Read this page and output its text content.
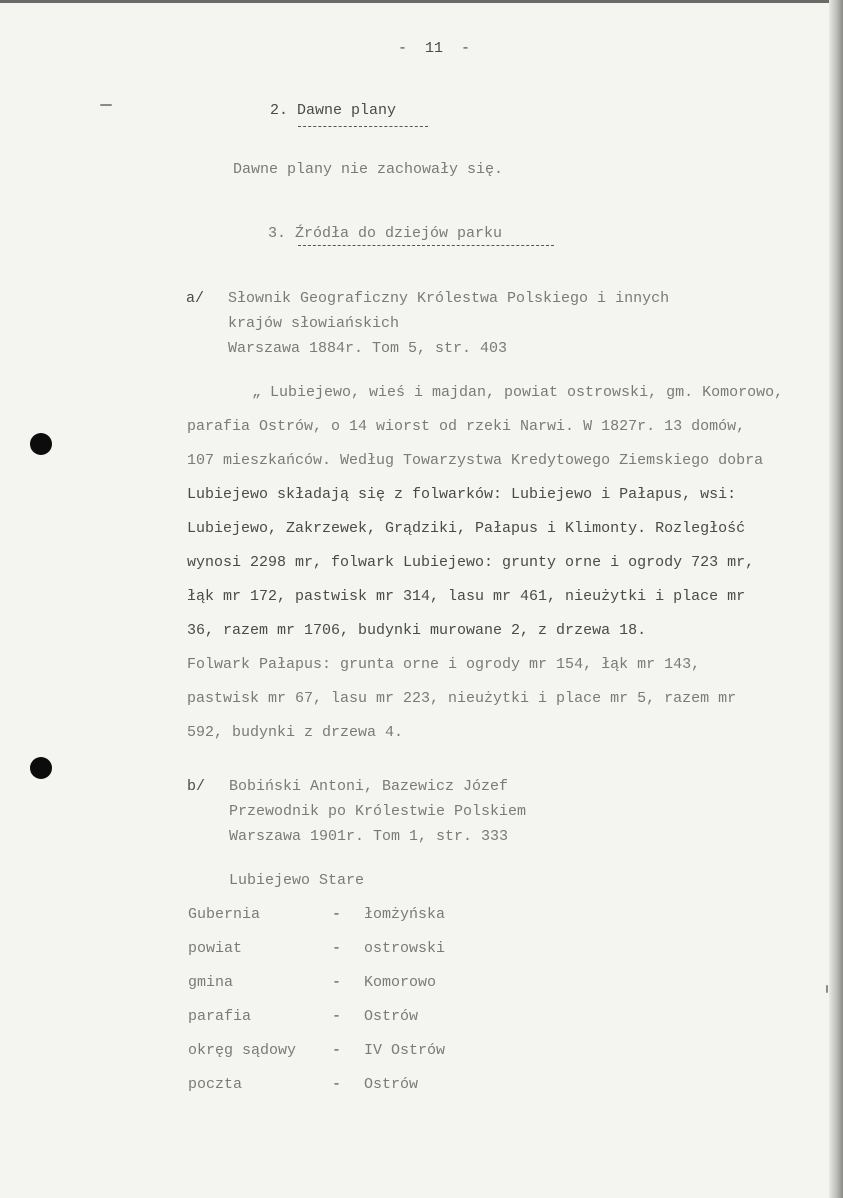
-  11  -
2. Dawne plany
Dawne plany nie zachowały się.
3. Źródła do dziejów parku
a/ Słownik Geograficzny Królestwa Polskiego i innych
krajów słowiańskich
Warszawa 1884r. Tom 5, str. 403
„ Lubiejewo, wieś i majdan, powiat ostrowski, gm. Komorowo,
parafia Ostrów, o 14 wiorst od rzeki Narwi. W 1827r. 13 domów,
107 mieszkańców. Według Towarzystwa Kredytowego Ziemskiego dobra
Lubiejewo składają się z folwarków: Lubiejewo i Pałapus, wsi:
Lubiejewo, Zakrzewek, Grądziki, Pałapus i Klimonty. Rozległość
wynosi 2298 mr, folwark Lubiejewo: grunty orne i ogrody 723 mr,
łąk mr 172, pastwisk mr 314, lasu mr 461, nieużytki i place mr
36, razem mr 1706, budynki murowane 2, z drzewa 18.
Folwark Pałapus: grunta orne i ogrody mr 154, łąk mr 143,
pastwisk mr 67, lasu mr 223, nieużytki i place mr 5, razem mr
592, budynki z drzewa 4.
b/ Bobiński Antoni, Bazewicz Józef
Przewodnik po Królestwie Polskiem
Warszawa 1901r. Tom 1, str. 333
Lubiejewo Stare
Gubernia	- łomżyńska
powiat	- ostrowski
gmina	- Komorowo
parafia	- Ostrów
okręg sądowy - IV Ostrów
poczta	- Ostrów
